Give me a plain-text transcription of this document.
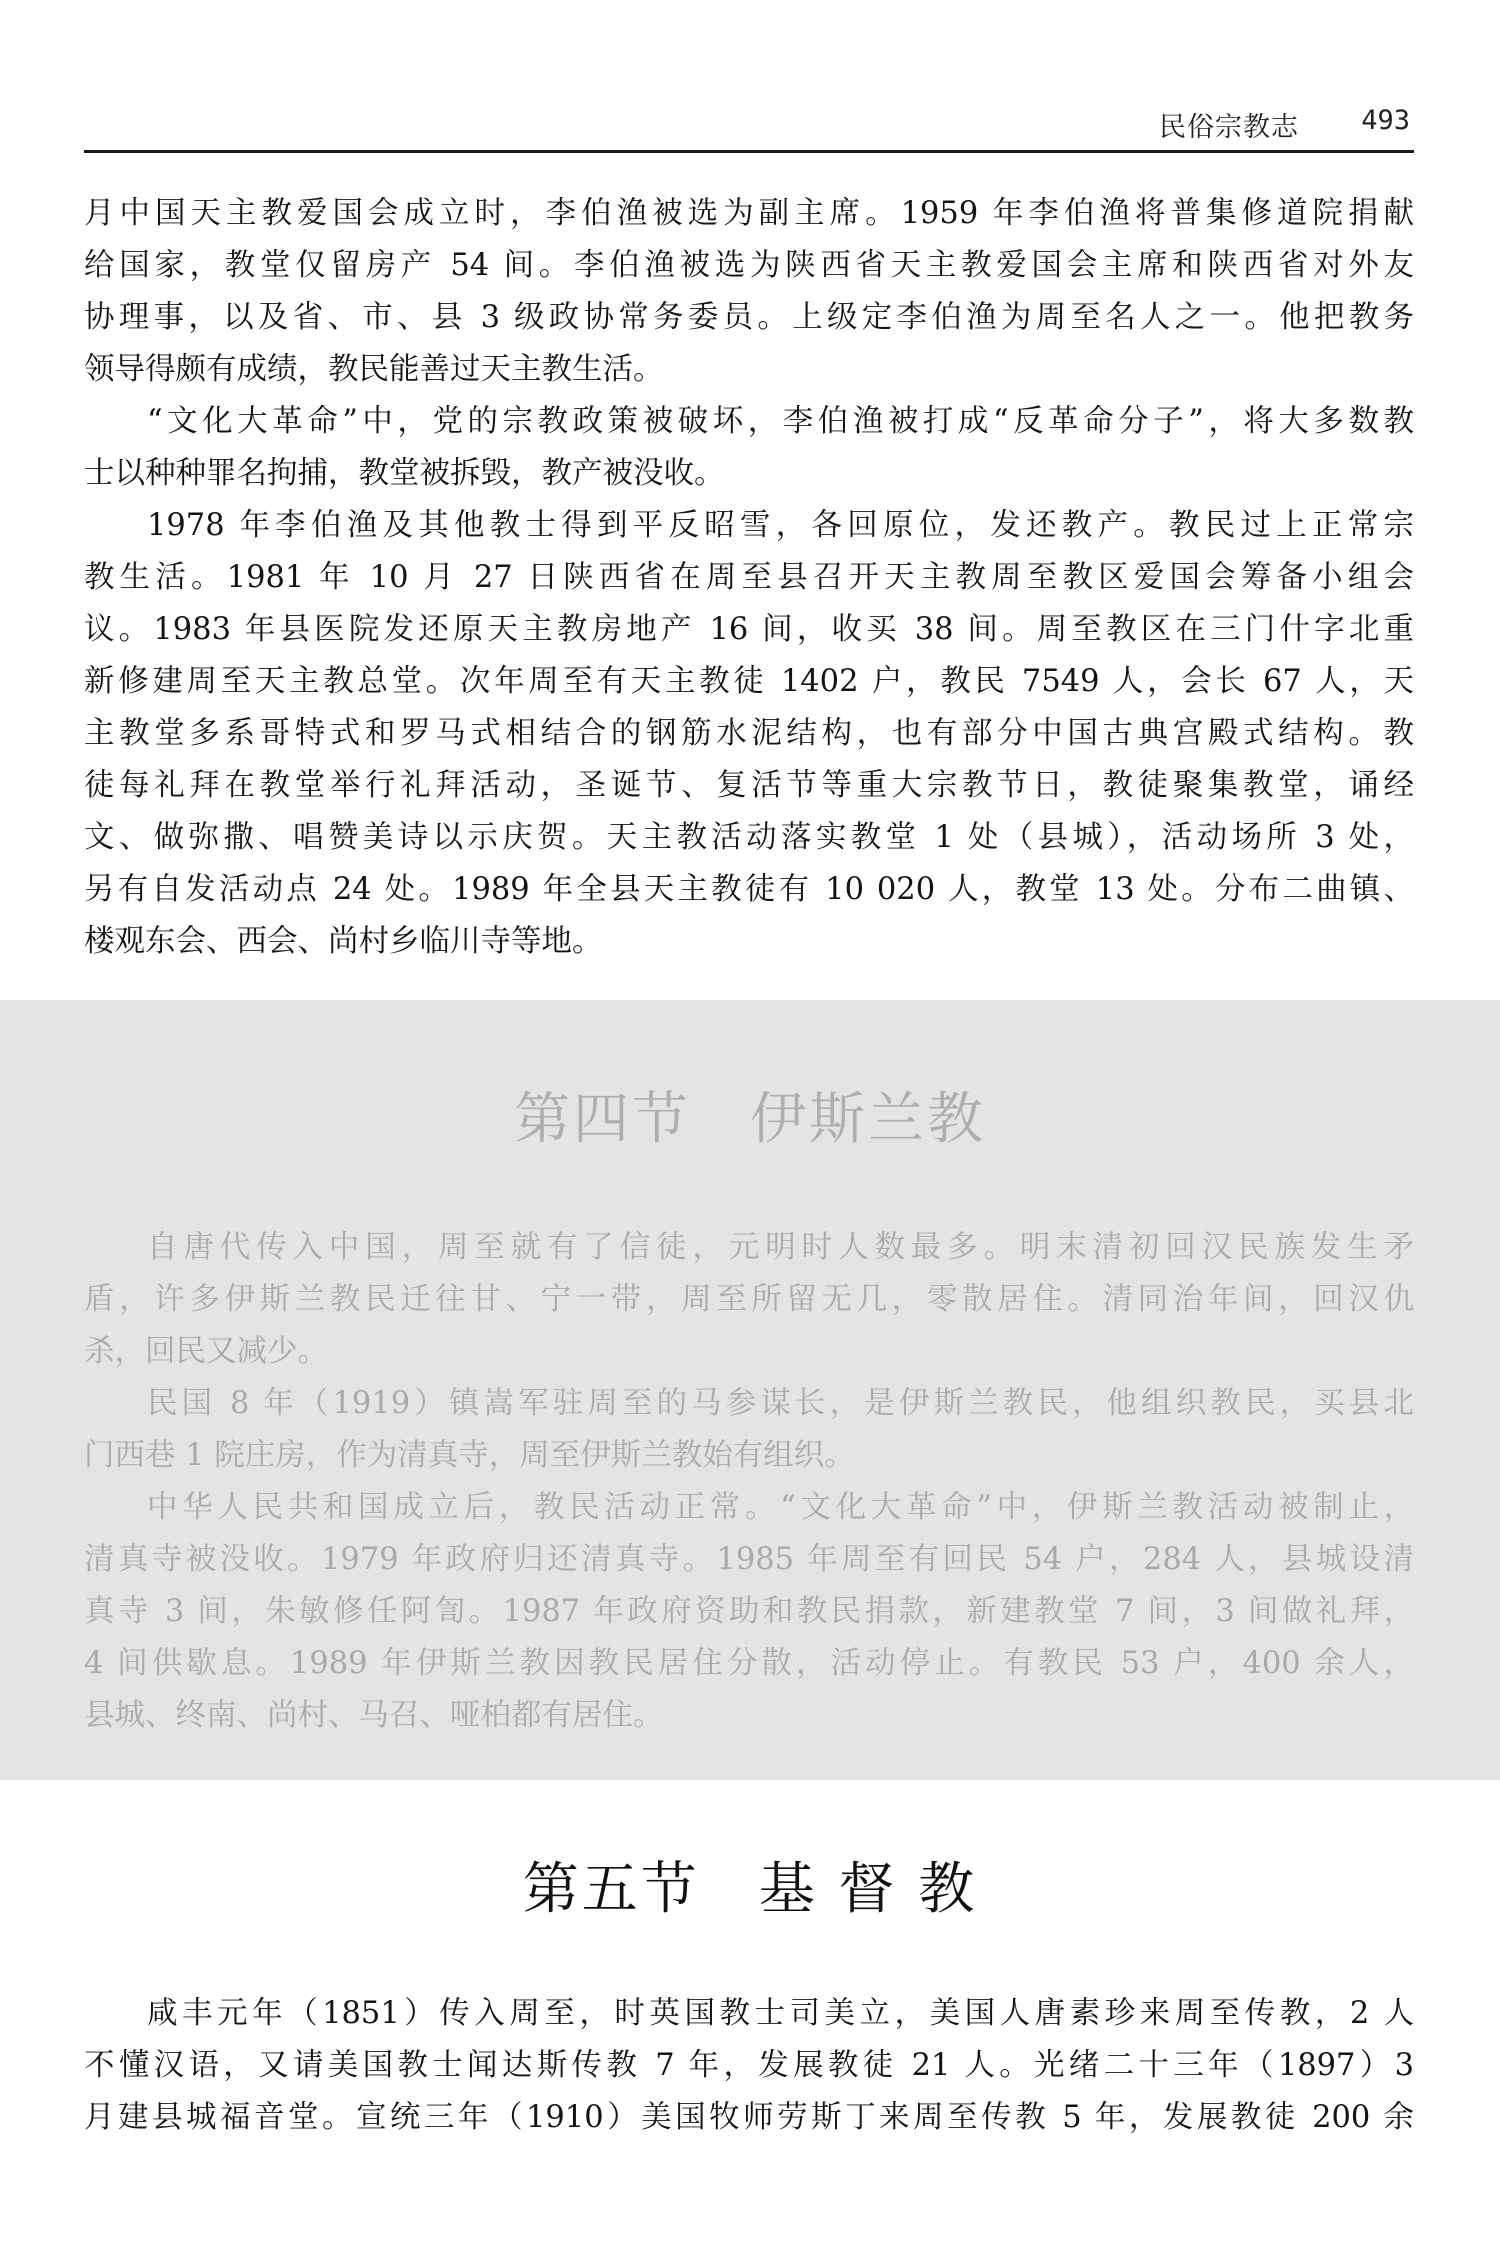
民俗宗教志 493
月中国天主教爱国会成立时，李伯渔被选为副主席。1959 年李伯渔将普集修道院捐献
给国家，教堂仅留房产 54 间。李伯渔被选为陕西省天主教爱国会主席和陕西省对外友
协理事，以及省、市、县 3 级政协常务委员。上级定李伯渔为周至名人之一。他把教务
领导得颇有成绩，教民能善过天主教生活。
“文化大革命”中，党的宗教政策被破坏，李伯渔被打成“反革命分子”，将大多数教
士以种种罪名拘捕，教堂被拆毁，教产被没收。
1978 年李伯渔及其他教士得到平反昭雪，各回原位，发还教产。教民过上正常宗
教生活。1981 年 10 月 27 日陕西省在周至县召开天主教周至教区爱国会筹备小组会
议。1983 年县医院发还原天主教房地产 16 间，收买 38 间。周至教区在三门什字北重
新修建周至天主教总堂。次年周至有天主教徒 1402 户，教民 7549 人，会长 67 人，天
主教堂多系哥特式和罗马式相结合的钢筋水泥结构，也有部分中国古典宫殿式结构。教
徒每礼拜在教堂举行礼拜活动，圣诞节、复活节等重大宗教节日，教徒聚集教堂，诵经
文、做弥撒、唱赞美诗以示庆贺。天主教活动落实教堂 1 处（县城），活动场所 3 处，
另有自发活动点 24 处。1989 年全县天主教徒有 10 020 人，教堂 13 处。分布二曲镇、
楼观东会、西会、尚村乡临川寺等地。
第四节　伊斯兰教
自唐代传入中国，周至就有了信徒，元明时人数最多。明末清初回汉民族发生矛
盾，许多伊斯兰教民迁往甘、宁一带，周至所留无几，零散居住。清同治年间，回汉仇
杀，回民又减少。
民国 8 年（1919）镇嵩军驻周至的马参谋长，是伊斯兰教民，他组织教民，买县北
门西巷 1 院庄房，作为清真寺，周至伊斯兰教始有组织。
中华人民共和国成立后，教民活动正常。“文化大革命”中，伊斯兰教活动被制止，
清真寺被没收。1979 年政府归还清真寺。1985 年周至有回民 54 户，284 人，县城设清
真寺 3 间，朱敏修任阿訇。1987 年政府资助和教民捐款，新建教堂 7 间，3 间做礼拜，
4 间供歇息。1989 年伊斯兰教因教民居住分散，活动停止。有教民 53 户，400 余人，
县城、终南、尚村、马召、哑柏都有居住。
第五节　基 督 教
咸丰元年（1851）传入周至，时英国教士司美立，美国人唐素珍来周至传教，2 人
不懂汉语，又请美国教士闻达斯传教 7 年，发展教徒 21 人。光绪二十三年（1897）3
月建县城福音堂。宣统三年（1910）美国牧师劳斯丁来周至传教 5 年，发展教徒 200 余
